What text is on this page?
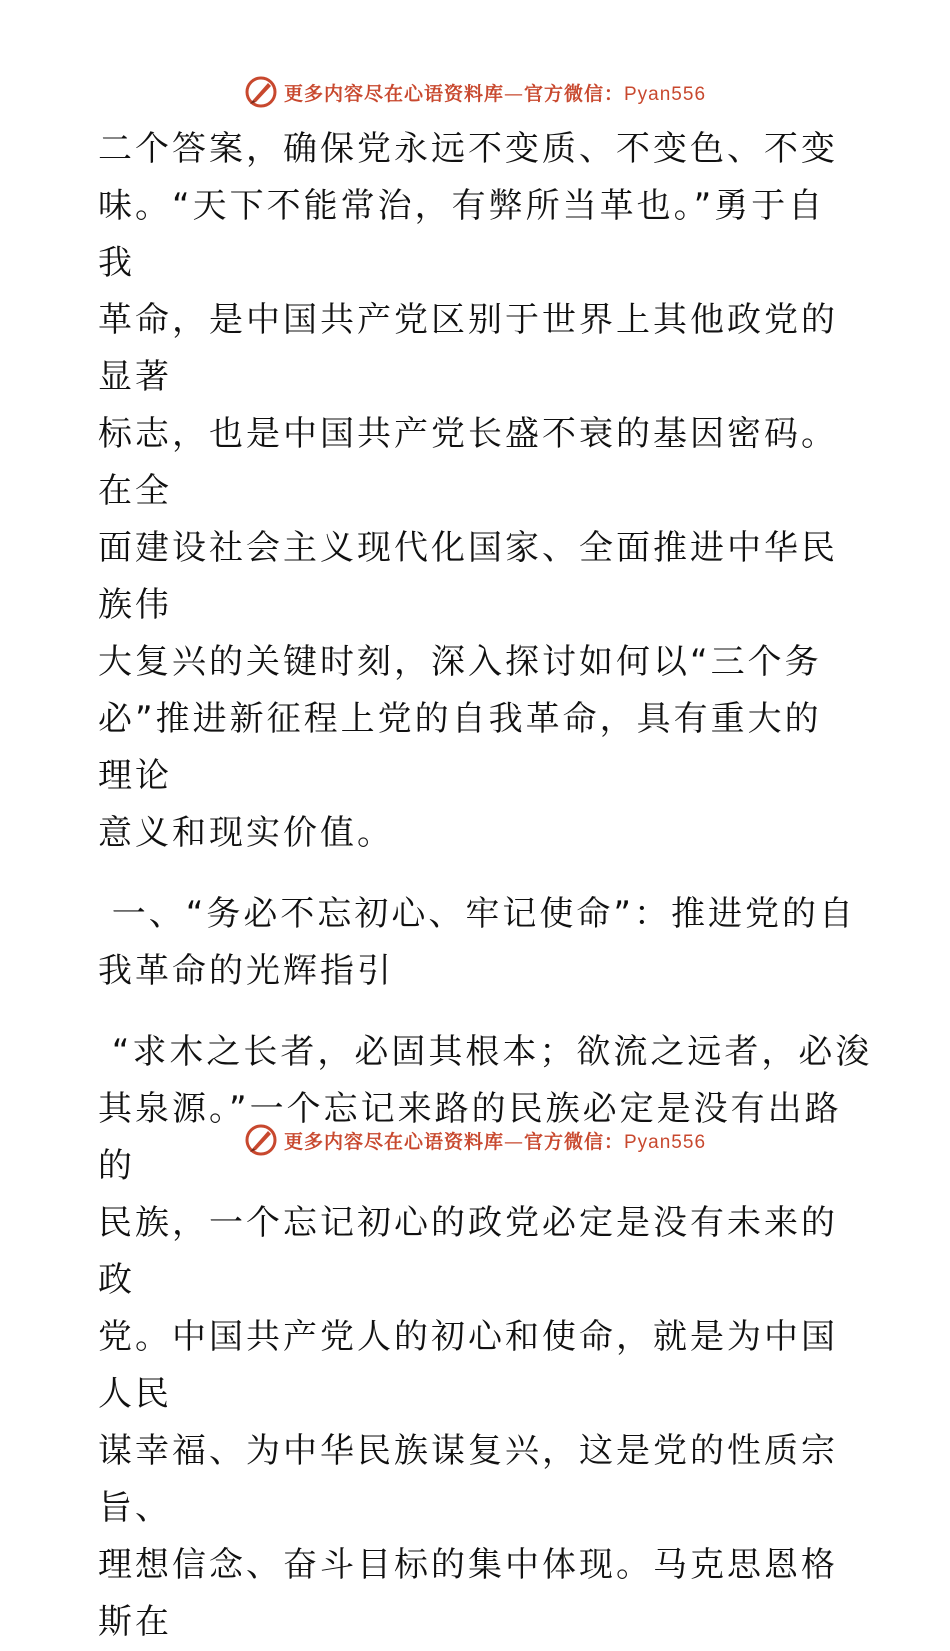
更多内容尽在心语资料库—官方微信：Pyan556
二个答案，确保党永远不变质、不变色、不变
味。“天下不能常治，有弊所当革也。”勇于自我
革命，是中国共产党区别于世界上其他政党的显著
标志，也是中国共产党长盛不衰的基因密码。在全
面建设社会主义现代化国家、全面推进中华民族伟
大复兴的关键时刻，深入探讨如何以“三个务
必”推进新征程上党的自我革命，具有重大的理论
意义和现实价值。
一、“务必不忘初心、牢记使命”：推进党的自
我革命的光辉指引
“求木之长者，必固其根本；欲流之远者，必浚
其泉源。”一个忘记来路的民族必定是没有出路的
民族，一个忘记初心的政党必定是没有未来的政
党。中国共产党人的初心和使命，就是为中国人民
谋幸福、为中华民族谋复兴，这是党的性质宗旨、
理想信念、奋斗目标的集中体现。马克思恩格斯在
更多内容尽在心语资料库—官方微信：Pyan556
